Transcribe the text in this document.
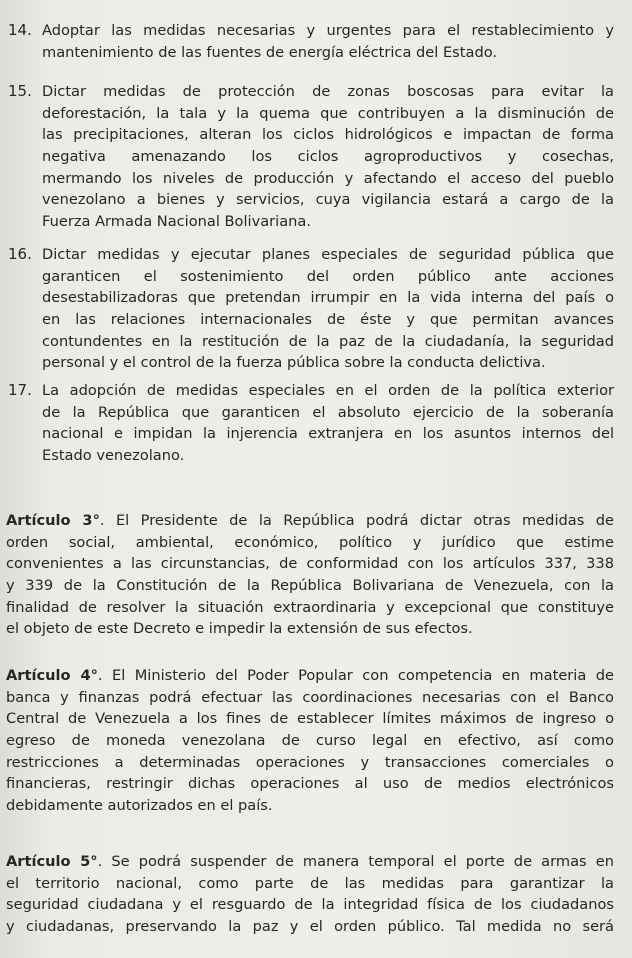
14. Adoptar las medidas necesarias y urgentes para el restablecimiento y
mantenimiento de las fuentes de energía eléctrica del Estado.
15. Dictar medidas de protección de zonas boscosas para evitar la
deforestación, la tala y la quema que contribuyen a la disminución de
las precipitaciones, alteran los ciclos hidrológicos e impactan de forma
negativa amenazando los ciclos agroproductivos y cosechas,
mermando los niveles de producción y afectando el acceso del pueblo
venezolano a bienes y servicios, cuya vigilancia estará a cargo de la
Fuerza Armada Nacional Bolivariana.
16. Dictar medidas y ejecutar planes especiales de seguridad pública que
garanticen el sostenimiento del orden público ante acciones
desestabilizadoras que pretendan irrumpir en la vida interna del país o
en las relaciones internacionales de éste y que permitan avances
contundentes en la restitución de la paz de la ciudadanía, la seguridad
personal y el control de la fuerza pública sobre la conducta delictiva.
17. La adopción de medidas especiales en el orden de la política exterior
de la República que garanticen el absoluto ejercicio de la soberanía
nacional e impidan la injerencia extranjera en los asuntos internos del
Estado venezolano.
Artículo 3°. El Presidente de la República podrá dictar otras medidas de
orden social, ambiental, económico, político y jurídico que estime
convenientes a las circunstancias, de conformidad con los artículos 337, 338
y 339 de la Constitución de la República Bolivariana de Venezuela, con la
finalidad de resolver la situación extraordinaria y excepcional que constituye
el objeto de este Decreto e impedir la extensión de sus efectos.
Artículo 4°. El Ministerio del Poder Popular con competencia en materia de
banca y finanzas podrá efectuar las coordinaciones necesarias con el Banco
Central de Venezuela a los fines de establecer límites máximos de ingreso o
egreso de moneda venezolana de curso legal en efectivo, así como
restricciones a determinadas operaciones y transacciones comerciales o
financieras, restringir dichas operaciones al uso de medios electrónicos
debidamente autorizados en el país.
Artículo 5°. Se podrá suspender de manera temporal el porte de armas en
el territorio nacional, como parte de las medidas para garantizar la
seguridad ciudadana y el resguardo de la integridad física de los ciudadanos
y ciudadanas, preservando la paz y el orden público. Tal medida no será
